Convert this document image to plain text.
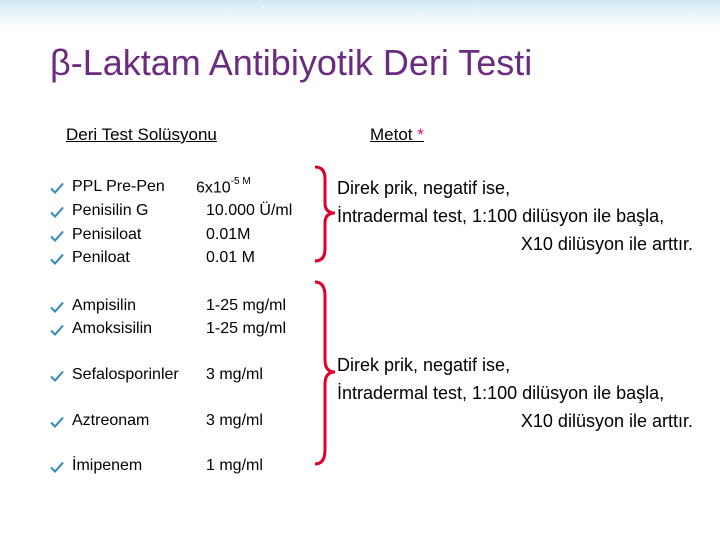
β-Laktam Antibiyotik Deri Testi
Deri Test Solüsyonu	Metot *
PPL Pre-Pen $6x10^{-5}$ $^M$
Penisilin G	10.000 Ü/ml
Penisiloat	0.01M
Peniloat	0.01 M
Ampisilin	1-25 mg/ml
Amoksisilin	1-25 mg/ml
Sefalosporinler 3 mg/ml
Aztreonam	3 mg/ml
İmipenem	1 mg/ml
Direk prik, negatif ise,
İntradermal test, 1:100 dilüsyon ile başla,
X10 dilüsyon ile arttır.
Direk prik, negatif ise,
İntradermal test, 1:100 dilüsyon ile başla,
X10 dilüsyon ile arttır.
